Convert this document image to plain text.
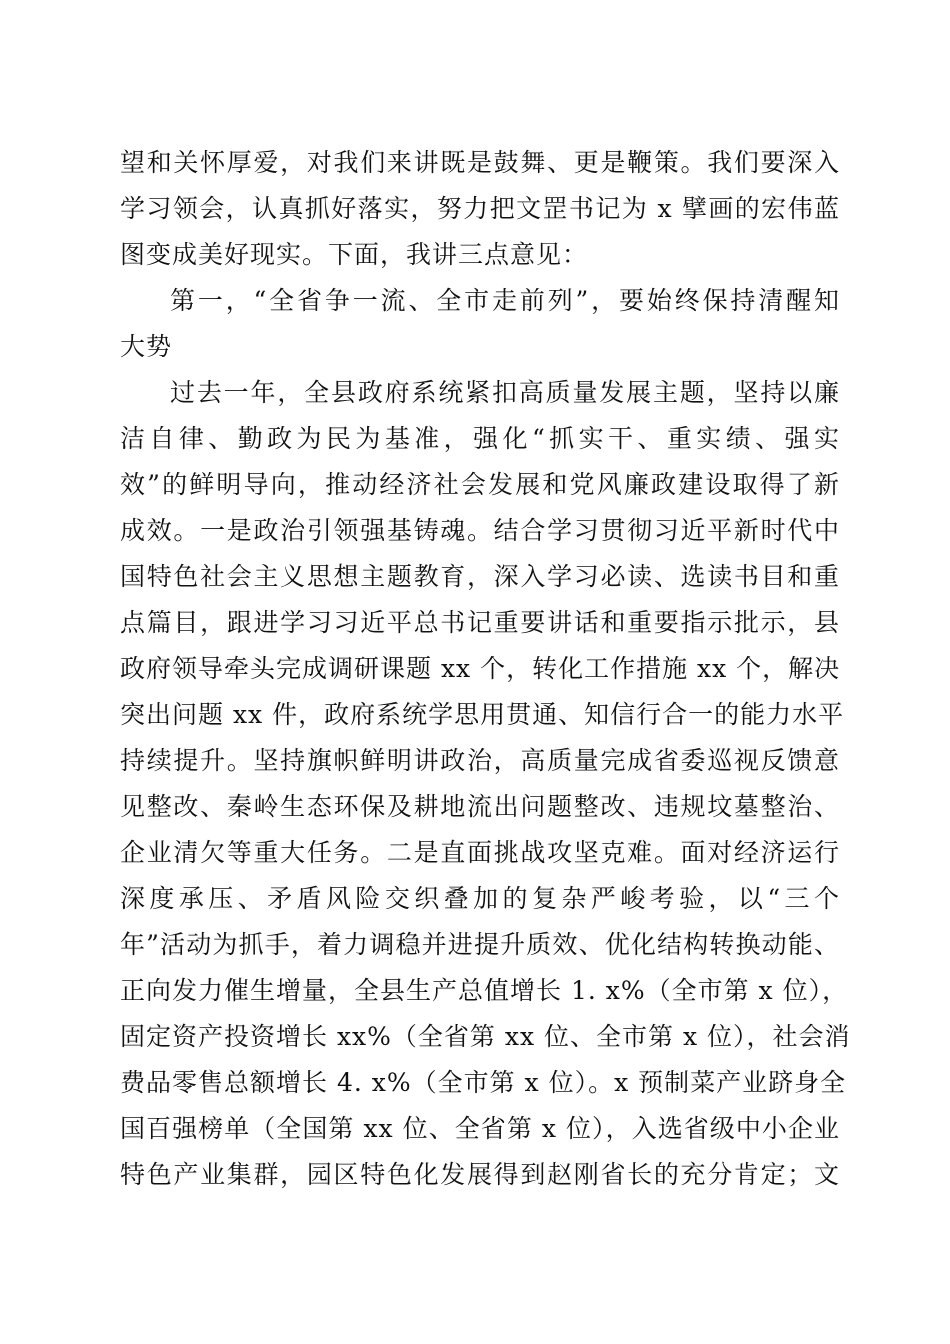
望和关怀厚爱，对我们来讲既是鼓舞、更是鞭策。我们要深入
学习领会，认真抓好落实，努力把文罡书记为 x 擘画的宏伟蓝
图变成美好现实。下面，我讲三点意见：
第一，“全省争一流、全市走前列”，要始终保持清醒知
大势
过去一年，全县政府系统紧扣高质量发展主题，坚持以廉
洁自律、勤政为民为基准，强化“抓实干、重实绩、强实
效”的鲜明导向，推动经济社会发展和党风廉政建设取得了新
成效。一是政治引领强基铸魂。结合学习贯彻习近平新时代中
国特色社会主义思想主题教育，深入学习必读、选读书目和重
点篇目，跟进学习习近平总书记重要讲话和重要指示批示，县
政府领导牵头完成调研课题 xx 个，转化工作措施 xx 个，解决
突出问题 xx 件，政府系统学思用贯通、知信行合一的能力水平
持续提升。坚持旗帜鲜明讲政治，高质量完成省委巡视反馈意
见整改、秦岭生态环保及耕地流出问题整改、违规坟墓整治、
企业清欠等重大任务。二是直面挑战攻坚克难。面对经济运行
深度承压、矛盾风险交织叠加的复杂严峻考验，以“三个
年”活动为抓手，着力调稳并进提升质效、优化结构转换动能、
正向发力催生增量，全县生产总值增长 1. x%（全市第 x 位），
固定资产投资增长 xx%（全省第 xx 位、全市第 x 位），社会消
费品零售总额增长 4. x%（全市第 x 位）。x 预制菜产业跻身全
国百强榜单（全国第 xx 位、全省第 x 位），入选省级中小企业
特色产业集群，园区特色化发展得到赵刚省长的充分肯定；文
